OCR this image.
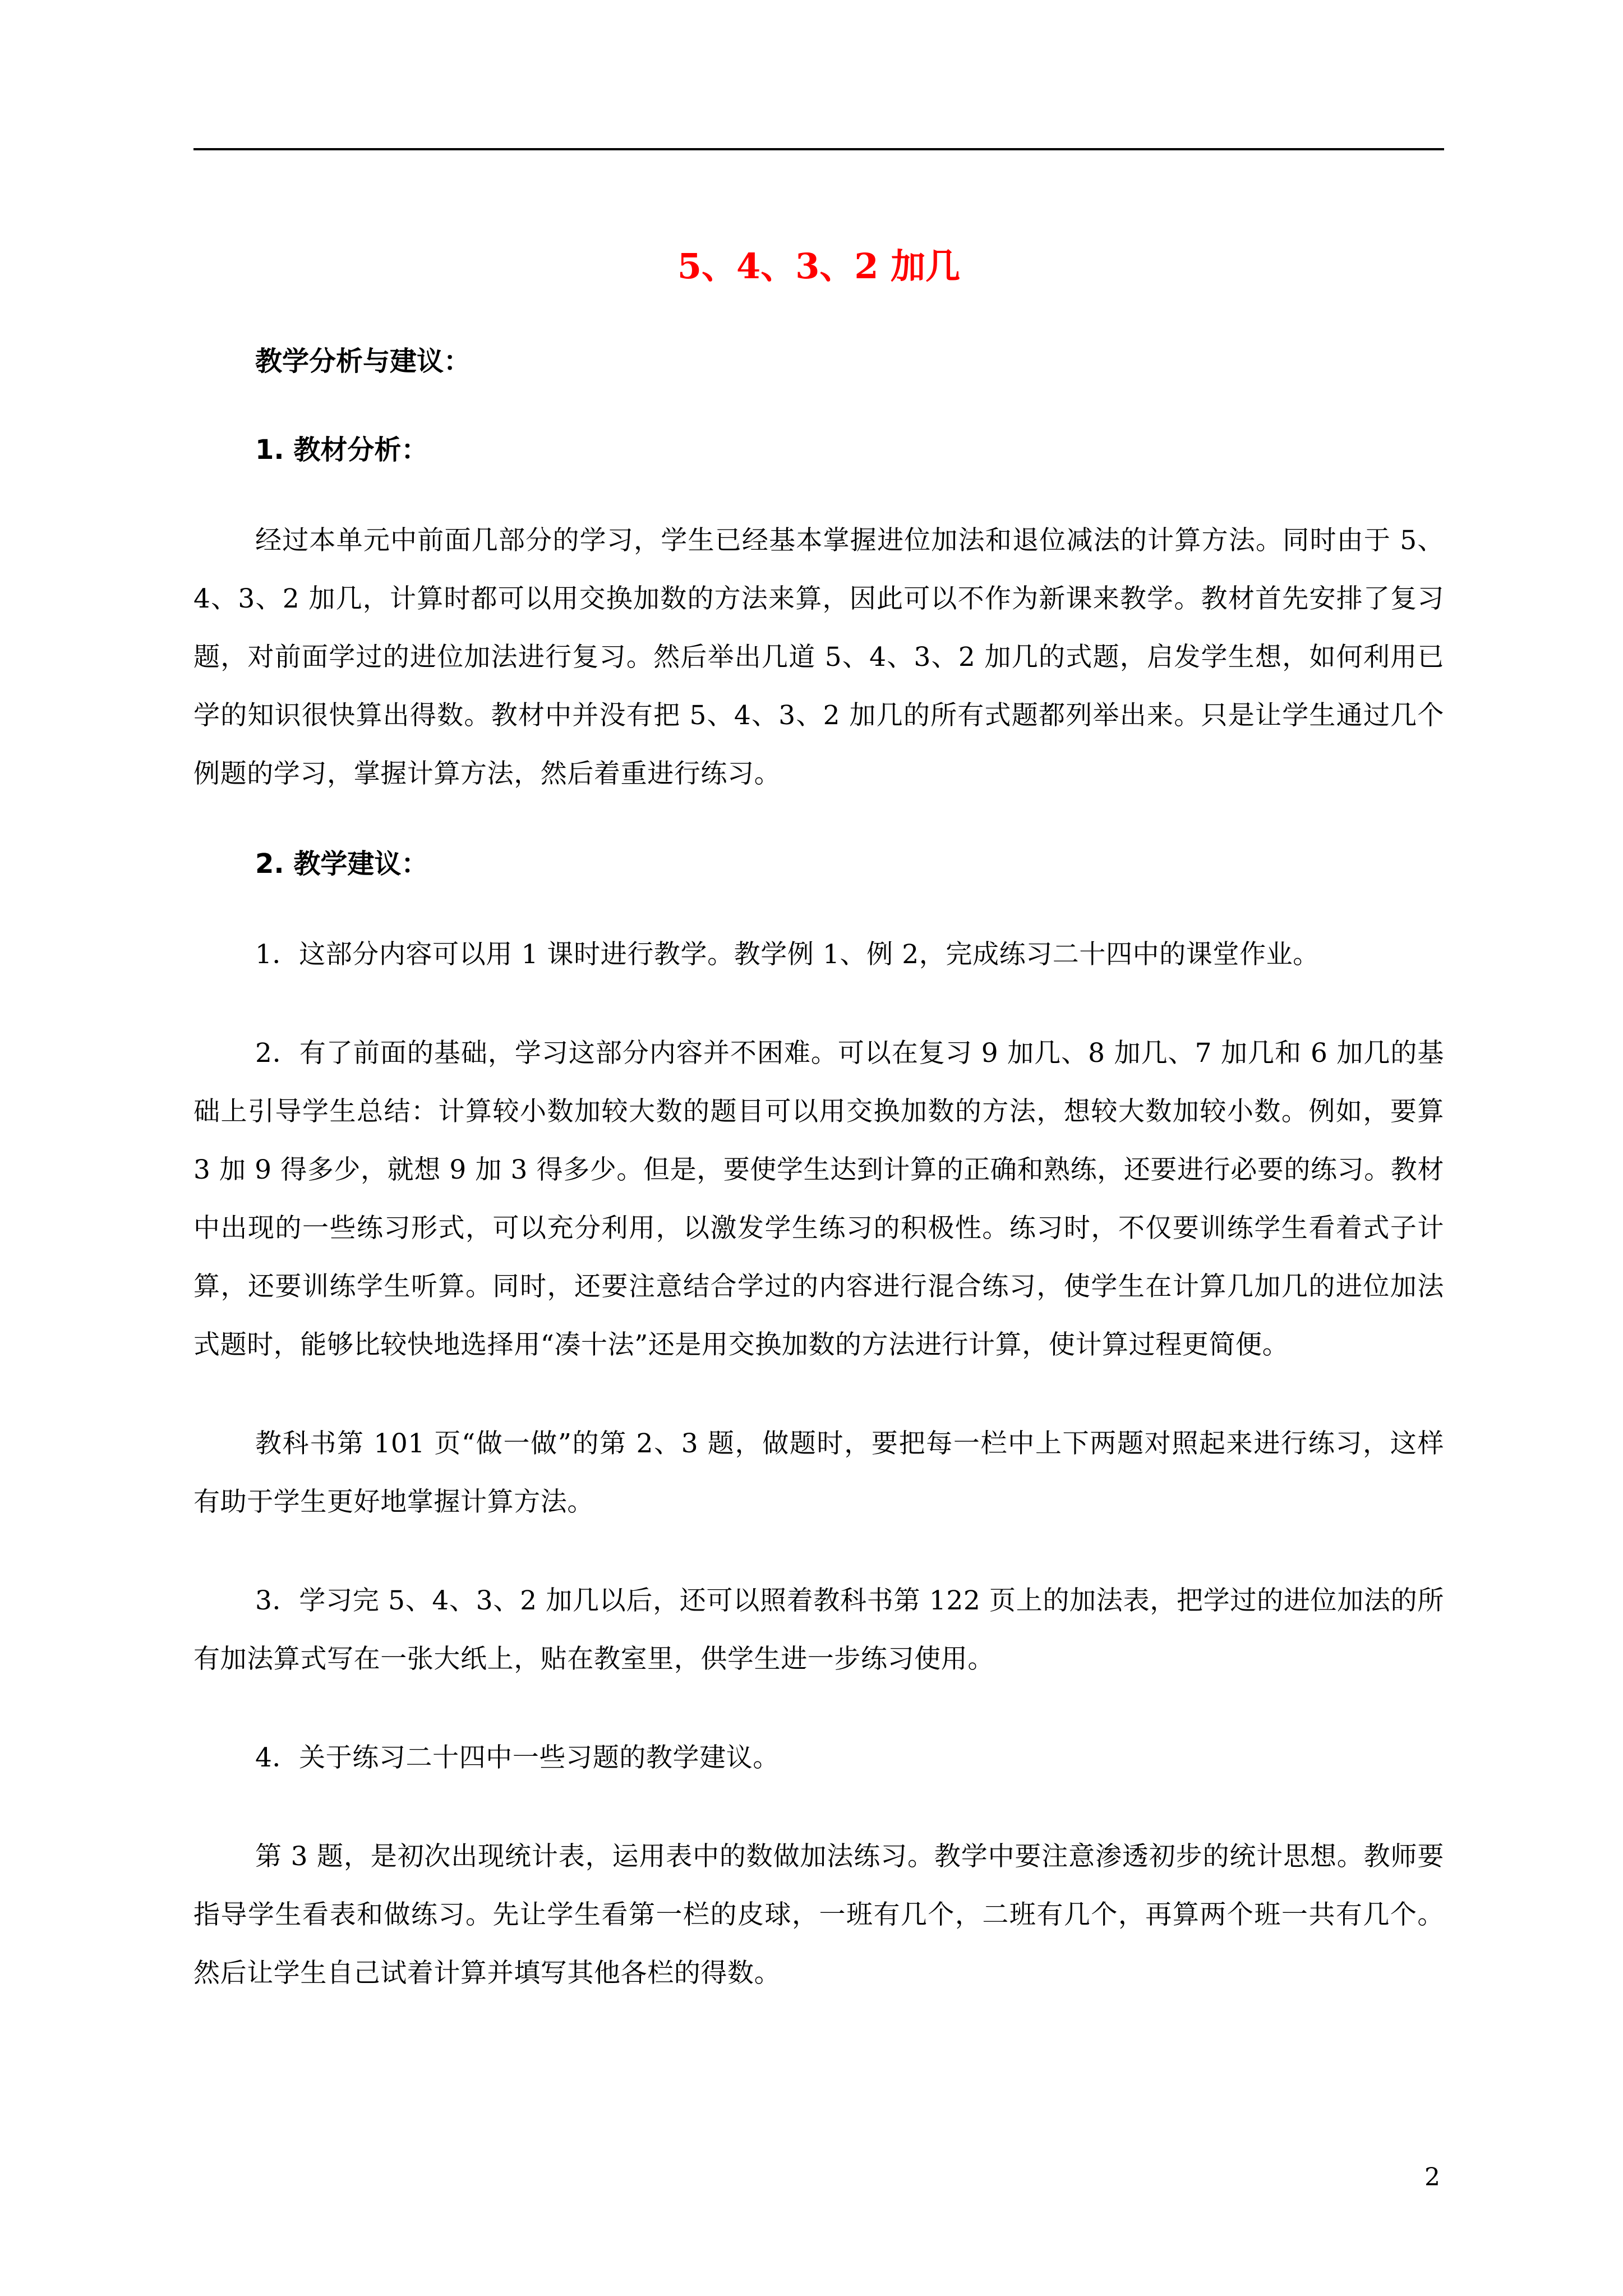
5、4、3、2 加几

教学分析与建议：

1. 教材分析：

经过本单元中前面几部分的学习，学生已经基本掌握进位加法和退位减法的计算方法。同时由于 5、4、3、2 加几，计算时都可以用交换加数的方法来算，因此可以不作为新课来教学。教材首先安排了复习题，对前面学过的进位加法进行复习。然后举出几道 5、4、3、2 加几的式题，启发学生想，如何利用已学的知识很快算出得数。教材中并没有把 5、4、3、2 加几的所有式题都列举出来。只是让学生通过几个例题的学习，掌握计算方法，然后着重进行练习。

2. 教学建议：

1．这部分内容可以用 1 课时进行教学。教学例 1、例 2，完成练习二十四中的课堂作业。

2．有了前面的基础，学习这部分内容并不困难。可以在复习 9 加几、8 加几、7 加几和 6 加几的基础上引导学生总结：计算较小数加较大数的题目可以用交换加数的方法，想较大数加较小数。例如，要算 3 加 9 得多少，就想 9 加 3 得多少。但是，要使学生达到计算的正确和熟练，还要进行必要的练习。教材中出现的一些练习形式，可以充分利用，以激发学生练习的积极性。练习时，不仅要训练学生看着式子计算，还要训练学生听算。同时，还要注意结合学过的内容进行混合练习，使学生在计算几加几的进位加法式题时，能够比较快地选择用“凑十法”还是用交换加数的方法进行计算，使计算过程更简便。

教科书第 101 页“做一做”的第 2、3 题，做题时，要把每一栏中上下两题对照起来进行练习，这样有助于学生更好地掌握计算方法。

3．学习完 5、4、3、2 加几以后，还可以照着教科书第 122 页上的加法表，把学过的进位加法的所有加法算式写在一张大纸上，贴在教室里，供学生进一步练习使用。

4．关于练习二十四中一些习题的教学建议。

第 3 题，是初次出现统计表，运用表中的数做加法练习。教学中要注意渗透初步的统计思想。教师要指导学生看表和做练习。先让学生看第一栏的皮球，一班有几个，二班有几个，再算两个班一共有几个。然后让学生自己试着计算并填写其他各栏的得数。

2
